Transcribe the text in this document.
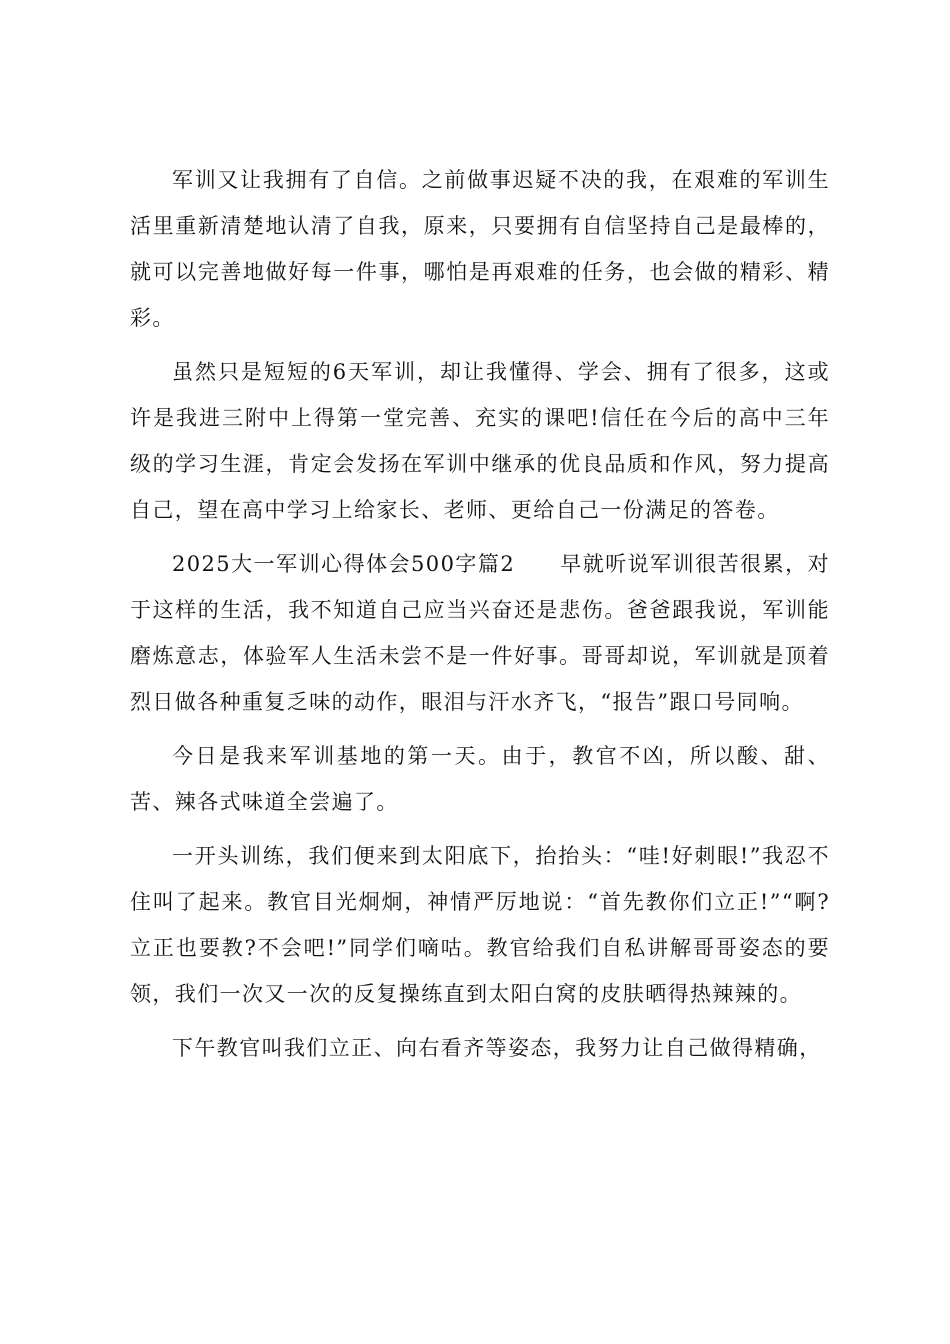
军训又让我拥有了自信。之前做事迟疑不决的我，在艰难的军训生活里重新清楚地认清了自我，原来，只要拥有自信坚持自己是最棒的，就可以完善地做好每一件事，哪怕是再艰难的任务，也会做的精彩、精彩。

虽然只是短短的6天军训，却让我懂得、学会、拥有了很多，这或许是我进三附中上得第一堂完善、充实的课吧!信任在今后的高中三年级的学习生涯，肯定会发扬在军训中继承的优良品质和作风，努力提高自己，望在高中学习上给家长、老师、更给自己一份满足的答卷。

2025大一军训心得体会500字篇2　　早就听说军训很苦很累，对于这样的生活，我不知道自己应当兴奋还是悲伤。爸爸跟我说，军训能磨炼意志，体验军人生活未尝不是一件好事。哥哥却说，军训就是顶着烈日做各种重复乏味的动作，眼泪与汗水齐飞，“报告”跟口号同响。

今日是我来军训基地的第一天。由于，教官不凶，所以酸、甜、苦、辣各式味道全尝遍了。

一开头训练，我们便来到太阳底下，抬抬头：“哇!好刺眼!”我忍不住叫了起来。教官目光炯炯，神情严厉地说：“首先教你们立正!”“啊?立正也要教?不会吧!”同学们嘀咕。教官给我们自私讲解哥哥姿态的要领，我们一次又一次的反复操练直到太阳白窝的皮肤晒得热辣辣的。

下午教官叫我们立正、向右看齐等姿态，我努力让自己做得精确，
